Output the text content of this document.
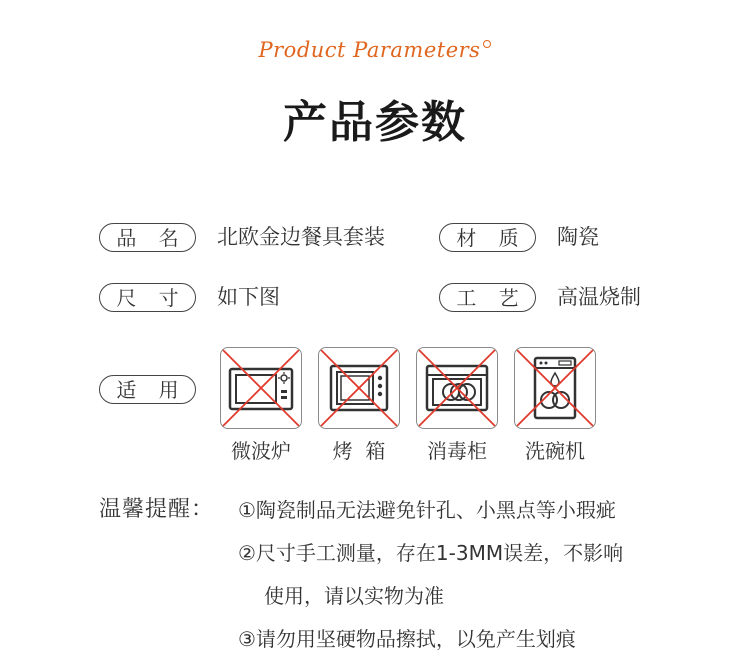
Product Parameters
产品参数
品 名	北欧金边餐具套装	材 质	陶瓷
尺 寸	如下图	工 艺	高温烧制
适 用
微波炉	烤  箱	消毒柜	洗碗机
温馨提醒： ①陶瓷制品无法避免针孔、小黑点等小瑕疵
②尺寸手工测量，存在1-3MM误差，不影响
使用，请以实物为准
③请勿用坚硬物品擦拭，以免产生划痕
